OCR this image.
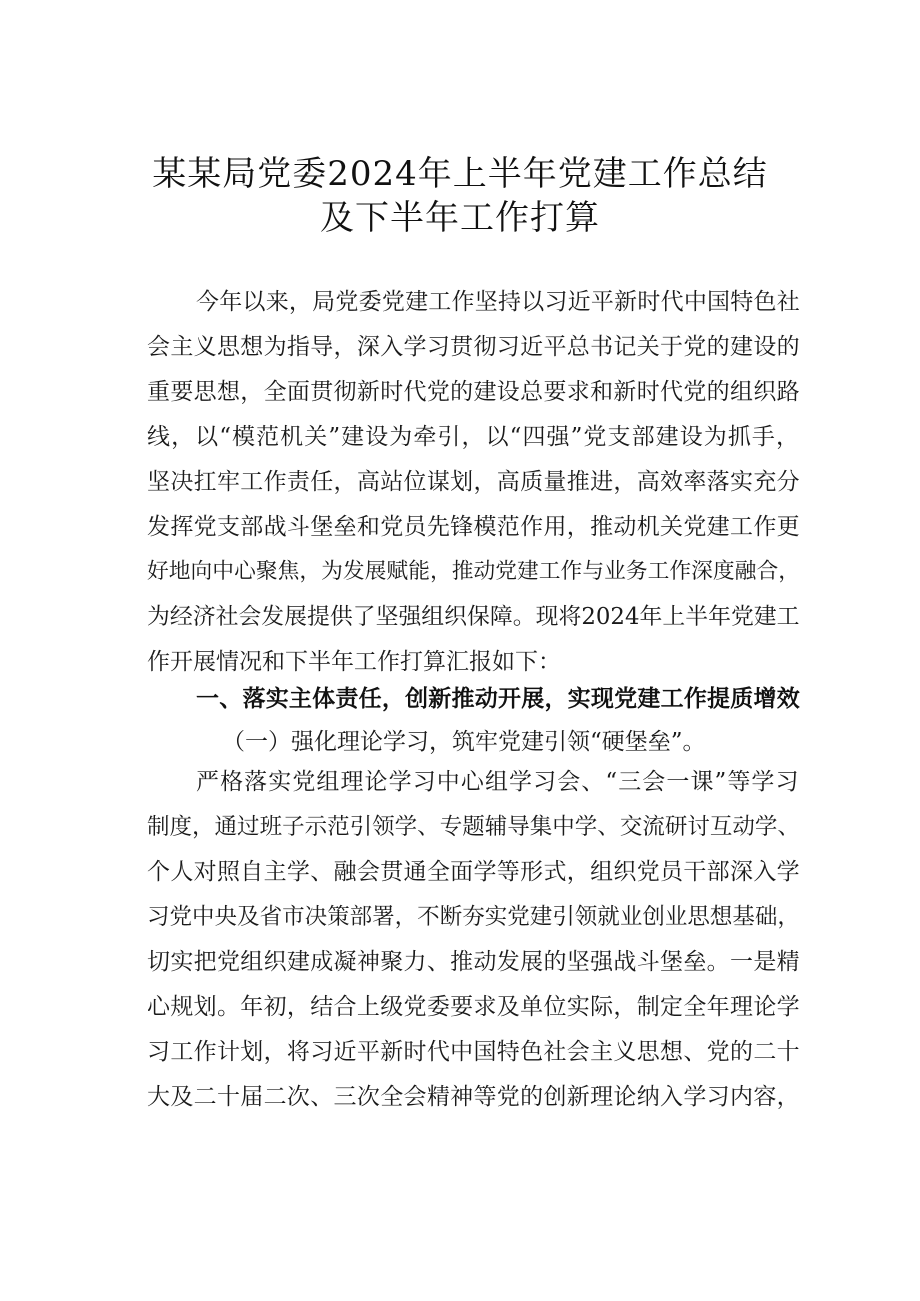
某某局党委2024年上半年党建工作总结
及下半年工作打算
今年以来，局党委党建工作坚持以习近平新时代中国特色社
会主义思想为指导，深入学习贯彻习近平总书记关于党的建设的
重要思想，全面贯彻新时代党的建设总要求和新时代党的组织路
线，以“模范机关”建设为牵引，以“四强”党支部建设为抓手，
坚决扛牢工作责任，高站位谋划，高质量推进，高效率落实充分
发挥党支部战斗堡垒和党员先锋模范作用，推动机关党建工作更
好地向中心聚焦，为发展赋能，推动党建工作与业务工作深度融合，
为经济社会发展提供了坚强组织保障。现将2024年上半年党建工
作开展情况和下半年工作打算汇报如下：
一、落实主体责任，创新推动开展，实现党建工作提质增效
（一）强化理论学习，筑牢党建引领“硬堡垒”。
严格落实党组理论学习中心组学习会、“三会一课”等学习
制度，通过班子示范引领学、专题辅导集中学、交流研讨互动学、
个人对照自主学、融会贯通全面学等形式，组织党员干部深入学
习党中央及省市决策部署，不断夯实党建引领就业创业思想基础，
切实把党组织建成凝神聚力、推动发展的坚强战斗堡垒。一是精
心规划。年初，结合上级党委要求及单位实际，制定全年理论学
习工作计划，将习近平新时代中国特色社会主义思想、党的二十
大及二十届二次、三次全会精神等党的创新理论纳入学习内容，
